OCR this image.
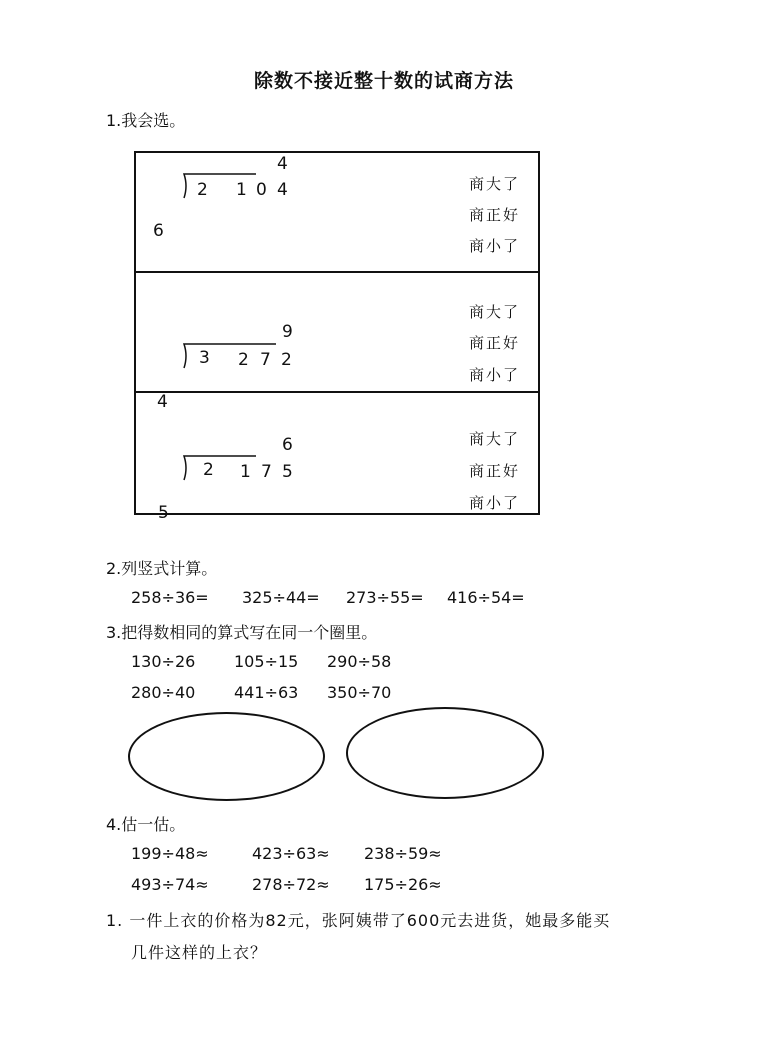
除数不接近整十数的试商方法
1.我会选。
4
2 1 0 4
6
商大了
商正好
商小了
9
3 2 7 2
4
商大了
商正好
商小了
6
2 1 7 5
5
商大了
商正好
商小了
2.列竖式计算。
258÷36= 325÷44= 273÷55= 416÷54=
3.把得数相同的算式写在同一个圈里。
130÷26 105÷15 290÷58
280÷40 441÷63 350÷70
4.估一估。
199÷48≈	423÷63≈ 238÷59≈
493÷74≈	278÷72≈ 175÷26≈
1. 一件上衣的价格为82元，张阿姨带了600元去进货，她最多能买
几件这样的上衣？
